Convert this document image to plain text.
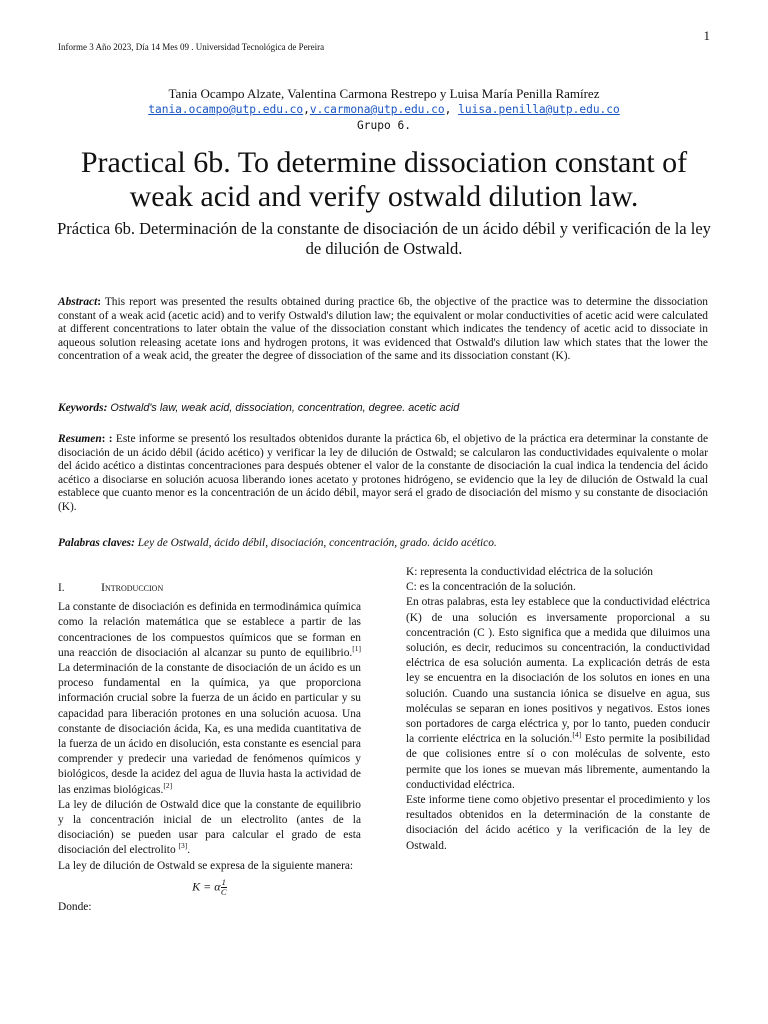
1
Informe 3 Año 2023, Día 14 Mes 09 . Universidad Tecnológica de Pereira
Tania Ocampo Alzate, Valentina Carmona Restrepo y Luisa María Penilla Ramírez
tania.ocampo@utp.edu.co,v.carmona@utp.edu.co, luisa.penilla@utp.edu.co
Grupo 6.
Practical 6b. To determine dissociation constant of weak acid and verify ostwald dilution law.
Práctica 6b. Determinación de la constante de disociación de un ácido débil y verificación de la ley de dilución de Ostwald.
Abstract: This report was presented the results obtained during practice 6b, the objective of the practice was to determine the dissociation constant of a weak acid (acetic acid) and to verify Ostwald's dilution law; the equivalent or molar conductivities of acetic acid were calculated at different concentrations to later obtain the value of the dissociation constant which indicates the tendency of acetic acid to dissociate in aqueous solution releasing acetate ions and hydrogen protons, it was evidenced that Ostwald's dilution law which states that the lower the concentration of a weak acid, the greater the degree of dissociation of the same and its dissociation constant (K).
Keywords: Ostwald's law, weak acid, dissociation, concentration, degree. acetic acid
Resumen: : Este informe se presentó los resultados obtenidos durante la práctica 6b, el objetivo de la práctica era determinar la constante de disociación de un ácido débil (ácido acético) y verificar la ley de dilución de Ostwald; se calcularon las conductividades equivalente o molar del ácido acético a distintas concentraciones para después obtener el valor de la constante de disociación la cual indica la tendencia del ácido acético a disociarse en solución acuosa liberando iones acetato y protones hidrógeno, se evidencio que la ley de dilución de Ostwald la cual establece que cuanto menor es la concentración de un ácido débil, mayor será el grado de disociación del mismo y su constante de disociación (K).
Palabras claves: Ley de Ostwald, ácido débil, disociación, concentración, grado. ácido acético.
I.	Introduccion

La constante de disociación es definida en termodinámica química como la relación matemática que se establece a partir de las concentraciones de los compuestos químicos que se forman en una reacción de disociación al alcanzar su punto de equilibrio.[1] La determinación de la constante de disociación de un ácido es un proceso fundamental en la química, ya que proporciona información crucial sobre la fuerza de un ácido en particular y su capacidad para liberación protones en una solución acuosa. Una constante de disociación ácida, Ka, es una medida cuantitativa de la fuerza de un ácido en disolución, esta constante es esencial para comprender y predecir una variedad de fenómenos químicos y biológicos, desde la acidez del agua de lluvia hasta la actividad de las enzimas biológicas.[2]

La ley de dilución de Ostwald dice que la constante de equilibrio y la concentración inicial de un electrolito (antes de la disociación) se pueden usar para calcular el grado de esta disociación del electrolito [3].

La ley de dilución de Ostwald se expresa de la siguiente manera:

K = α $\frac{1}{C}$

Donde:

K: representa la conductividad eléctrica de la solución

C: es la concentración de la solución.

En otras palabras, esta ley establece que la conductividad eléctrica (K) de una solución es inversamente proporcional a su concentración (C ). Esto significa que a medida que diluimos una solución, es decir, reducimos su concentración, la conductividad eléctrica de esa solución aumenta. La explicación detrás de esta ley se encuentra en la disociación de los solutos en iones en una solución. Cuando una sustancia iónica se disuelve en agua, sus moléculas se separan en iones positivos y negativos. Estos iones son portadores de carga eléctrica y, por lo tanto, pueden conducir la corriente eléctrica en la solución.[4] Esto permite la posibilidad de que colisiones entre sí o con moléculas de solvente, esto permite que los iones se muevan más libremente, aumentando la conductividad eléctrica.

Este informe tiene como objetivo presentar el procedimiento y los resultados obtenidos en la determinación de la constante de disociación del ácido acético y la verificación de la ley de Ostwald.
